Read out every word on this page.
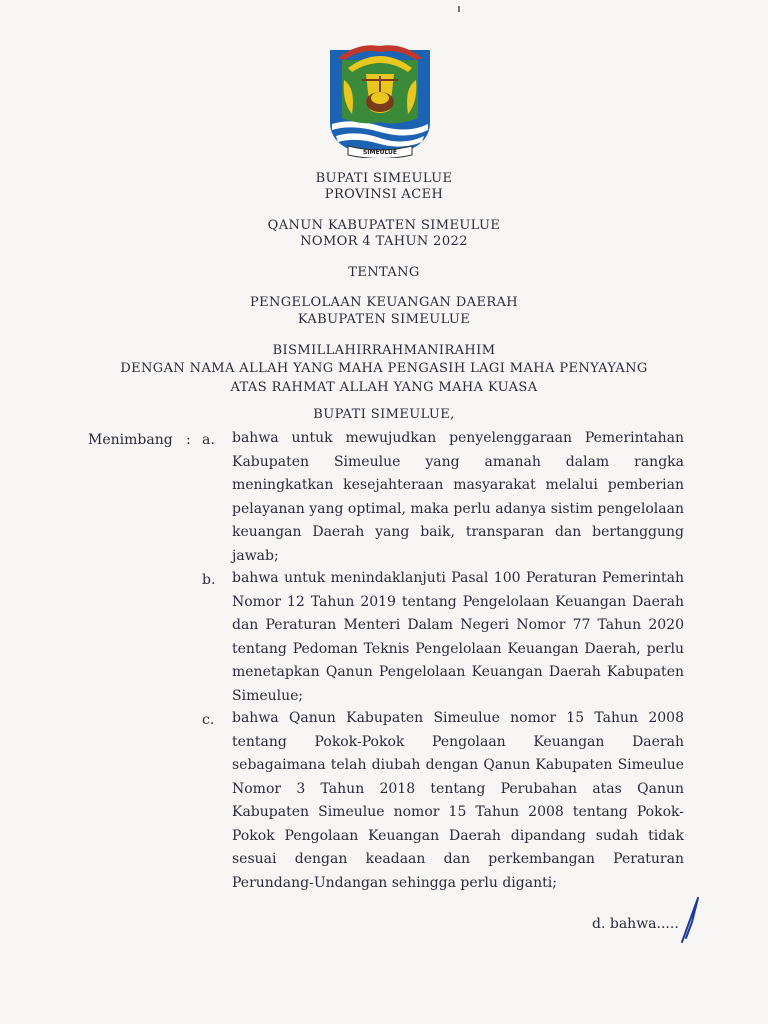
SIMEULUE
BUPATI SIMEULUE
PROVINSI ACEH
QANUN KABUPATEN SIMEULUE
NOMOR 4 TAHUN 2022
TENTANG
PENGELOLAAN KEUANGAN DAERAH
KABUPATEN SIMEULUE
BISMILLAHIRRAHMANIRAHIM
DENGAN NAMA ALLAH YANG MAHA PENGASIH LAGI MAHA PENYAYANG
ATAS RAHMAT ALLAH YANG MAHA KUASA
BUPATI SIMEULUE,
Menimbang : a. bahwa untuk mewujudkan penyelenggaraan Pemerintahan Kabupaten Simeulue yang amanah dalam rangka meningkatkan kesejahteraan masyarakat melalui pemberian pelayanan yang optimal, maka perlu adanya sistim pengelolaan keuangan Daerah yang baik, transparan dan bertanggung jawab;
b. bahwa untuk menindaklanjuti Pasal 100 Peraturan Pemerintah Nomor 12 Tahun 2019 tentang Pengelolaan Keuangan Daerah dan Peraturan Menteri Dalam Negeri Nomor 77 Tahun 2020 tentang Pedoman Teknis Pengelolaan Keuangan Daerah, perlu menetapkan Qanun Pengelolaan Keuangan Daerah Kabupaten Simeulue;
c. bahwa Qanun Kabupaten Simeulue nomor 15 Tahun 2008 tentang Pokok-Pokok Pengolaan Keuangan Daerah sebagaimana telah diubah dengan Qanun Kabupaten Simeulue Nomor 3 Tahun 2018 tentang Perubahan atas Qanun Kabupaten Simeulue nomor 15 Tahun 2008 tentang Pokok-Pokok Pengolaan Keuangan Daerah dipandang sudah tidak sesuai dengan keadaan dan perkembangan Peraturan Perundang-Undangan sehingga perlu diganti;
d. bahwa.....
